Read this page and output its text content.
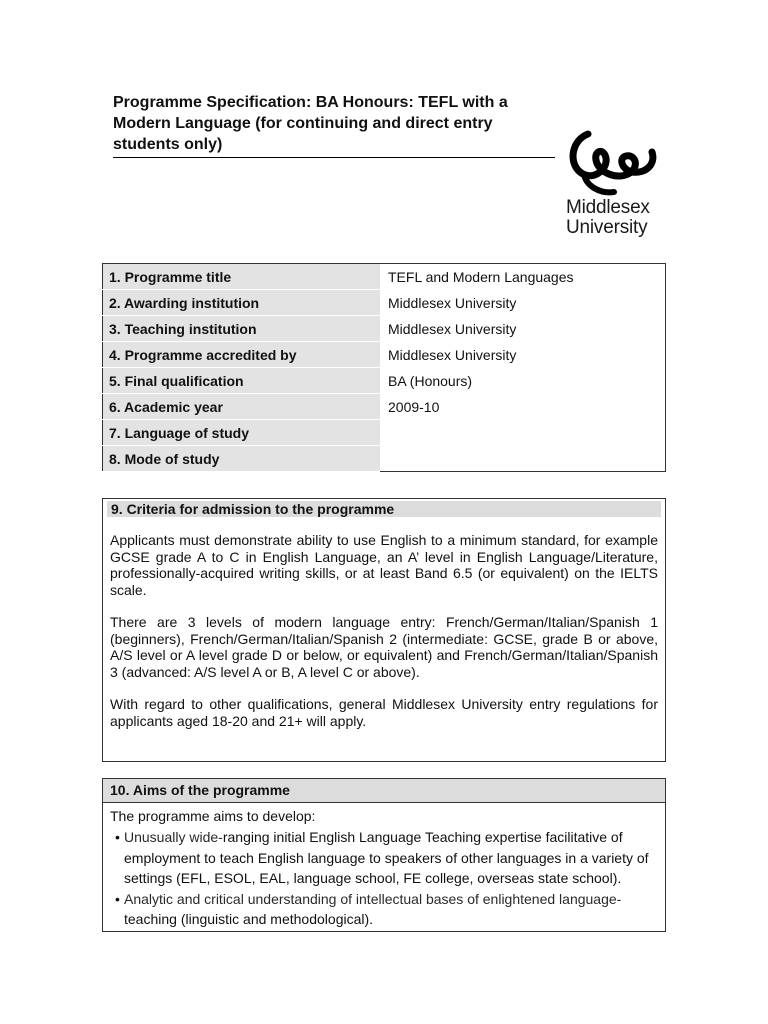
Programme Specification: BA Honours: TEFL with a Modern Language (for continuing and direct entry students only)
Middlesex
University
1. Programme title	TEFL and Modern Languages
2. Awarding institution	Middlesex University
3. Teaching institution	Middlesex University
4. Programme accredited by	Middlesex University
5. Final qualification	BA (Honours)
6. Academic year	2009-10
7. Language of study	
8. Mode of study	
9. Criteria for admission to the programme

Applicants must demonstrate ability to use English to a minimum standard, for example GCSE grade A to C in English Language, an A’ level in English Language/Literature, professionally-acquired writing skills, or at least Band 6.5 (or equivalent) on the IELTS scale.

There are 3 levels of modern language entry: French/German/Italian/Spanish 1 (beginners), French/German/Italian/Spanish 2 (intermediate: GCSE, grade B or above, A/S level or A level grade D or below, or equivalent) and French/German/Italian/Spanish 3 (advanced: A/S level A or B, A level C or above).

With regard to other qualifications, general Middlesex University entry regulations for applicants aged 18-20 and 21+ will apply.

10. Aims of the programme

The programme aims to develop:

• Unusually wide-ranging initial English Language Teaching expertise facilitative of employment to teach English language to speakers of other languages in a variety of settings (EFL, ESOL, EAL, language school, FE college, overseas state school).
• Analytic and critical understanding of intellectual bases of enlightened language-teaching (linguistic and methodological).
